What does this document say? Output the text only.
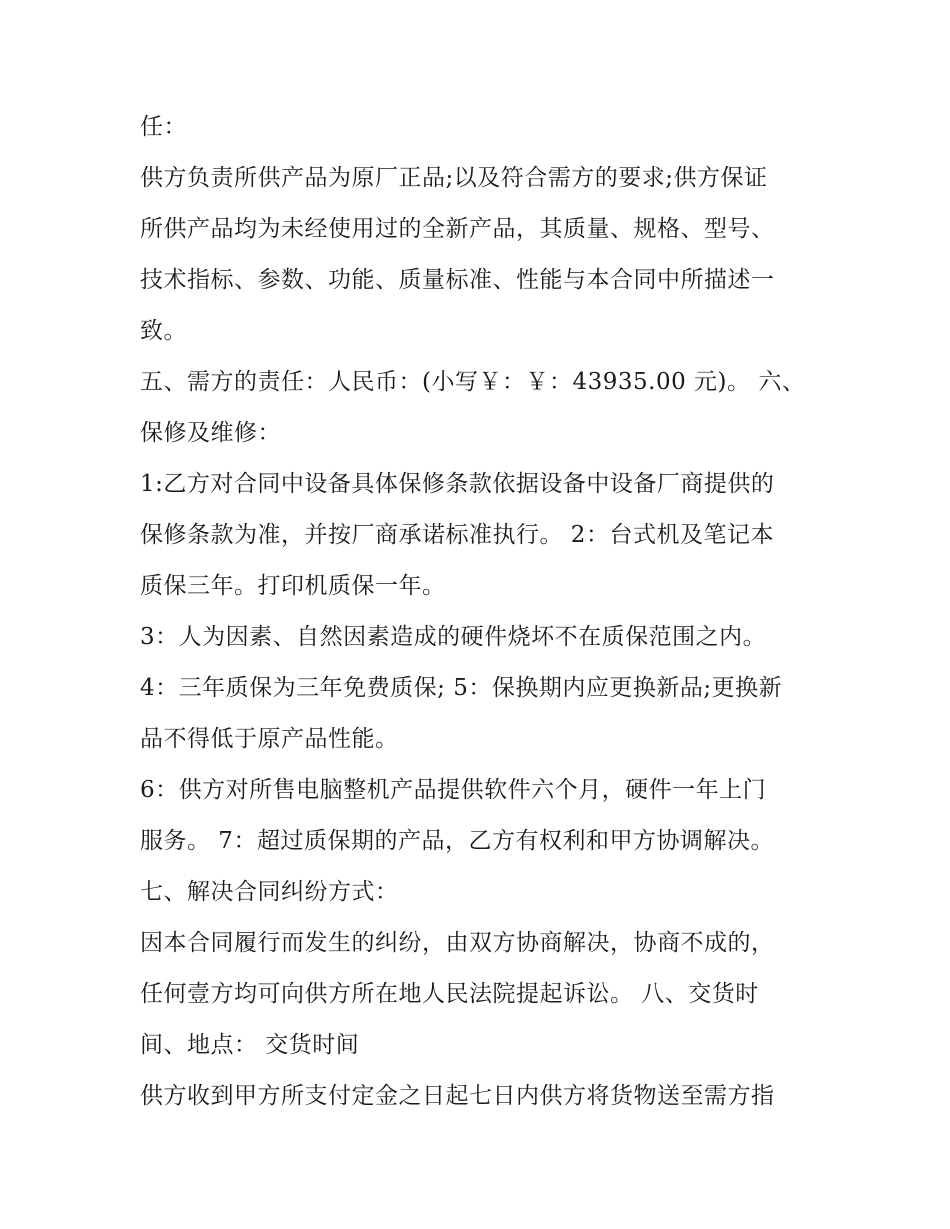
任：
供方负责所供产品为原厂正品;以及符合需方的要求;供方保证
所供产品均为未经使用过的全新产品，其质量、规格、型号、
技术指标、参数、功能、质量标准、性能与本合同中所描述一
致。
五、需方的责任：人民币：(小写￥：￥：43935.00 元)。 六、
保修及维修：
1:乙方对合同中设备具体保修条款依据设备中设备厂商提供的
保修条款为准，并按厂商承诺标准执行。 2：台式机及笔记本
质保三年。打印机质保一年。
3：人为因素、自然因素造成的硬件烧坏不在质保范围之内。
4：三年质保为三年免费质保; 5：保换期内应更换新品;更换新
品不得低于原产品性能。
6：供方对所售电脑整机产品提供软件六个月，硬件一年上门
服务。 7：超过质保期的产品，乙方有权利和甲方协调解决。
七、解决合同纠纷方式：
因本合同履行而发生的纠纷，由双方协商解决，协商不成的，
任何壹方均可向供方所在地人民法院提起诉讼。 八、交货时
间、地点： 交货时间
供方收到甲方所支付定金之日起七日内供方将货物送至需方指
